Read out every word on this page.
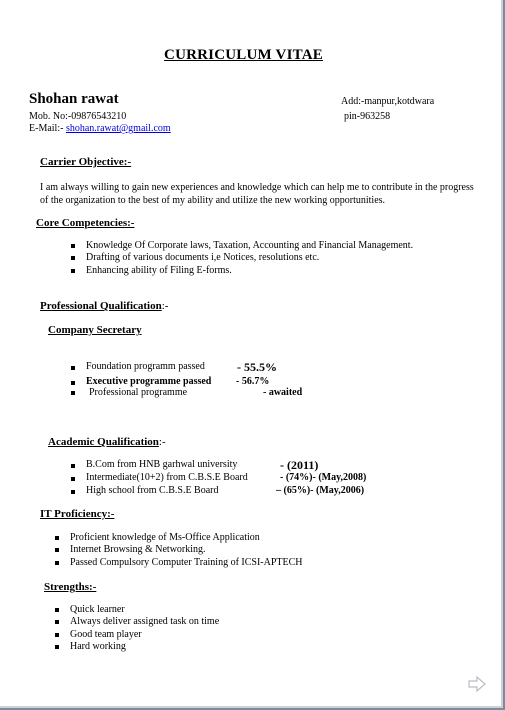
CURRICULUM VITAE
Shohan rawat
Mob. No:-09876543210
E-Mail:- shohan.rawat@gmail.com
Add:-manpur,kotdwara
pin-963258
Carrier Objective:-
I am always willing to gain new experiences and knowledge which can help me to contribute in the progress of the organization to the best of my ability and utilize the new working opportunities.
Core Competencies:-
Knowledge Of Corporate laws, Taxation, Accounting and Financial Management.
Drafting of various documents i,e Notices, resolutions etc.
Enhancing ability of Filing E-forms.
Professional Qualification:-
Company Secretary
Foundation programm passed	- 55.5%
Executive programme passed - 56.7%
Professional programme	- awaited
Academic Qualification:-
B.Com from HNB garhwal university	- (2011)
Intermediate(10+2) from C.B.S.E Board	- (74%)- (May,2008)
High school from C.B.S.E Board	– (65%)- (May,2006)
IT Proficiency:-
Proficient knowledge of Ms-Office Application
Internet Browsing & Networking.
Passed Compulsory Computer Training of ICSI-APTECH
Strengths:-
Quick learner
Always deliver assigned task on time
Good team player
Hard working
